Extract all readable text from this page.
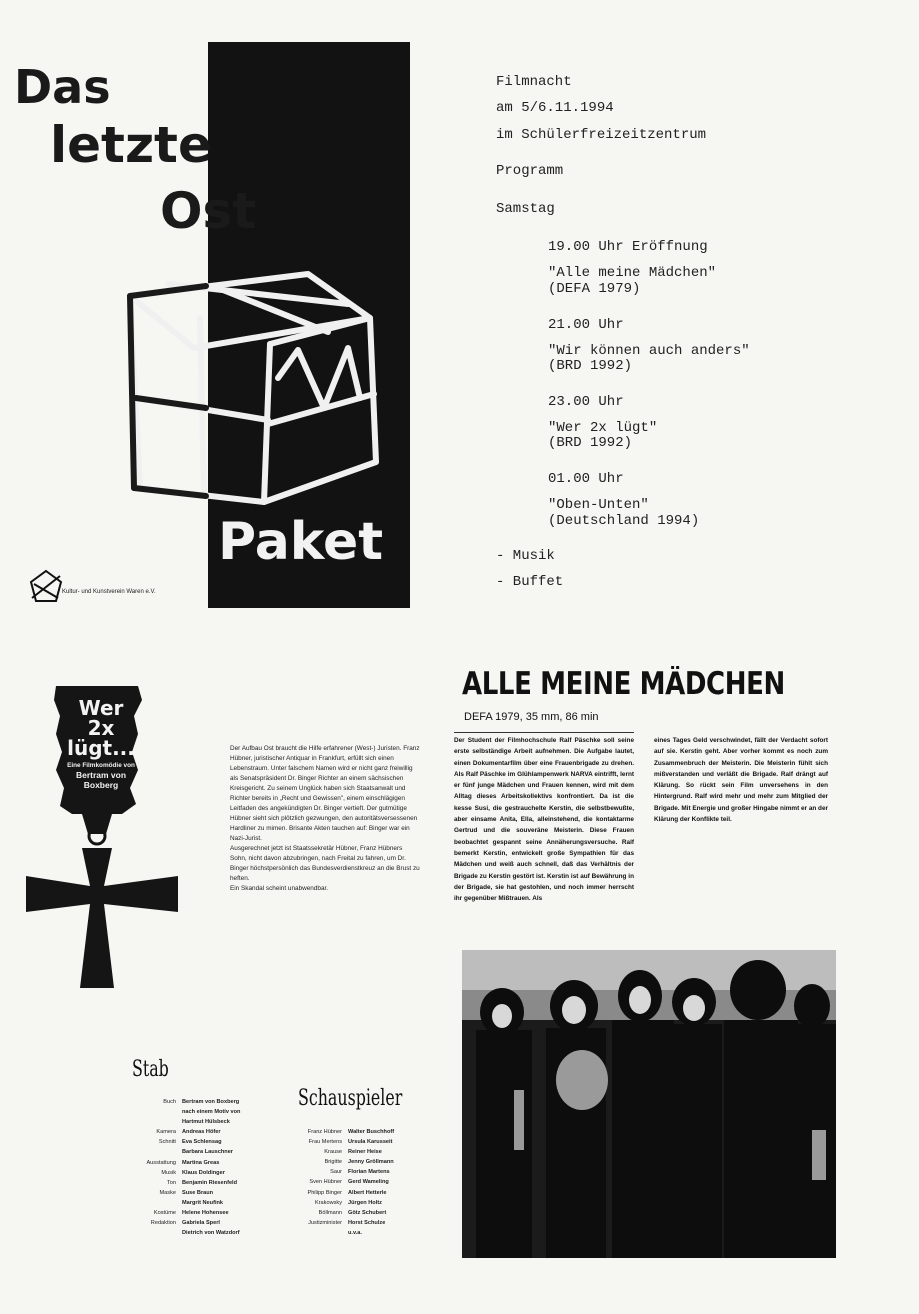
Das
letzte
Ost
Paket
Kultur- und Kunstverein Waren e.V.
Filmnacht
am 5/6.11.1994
im Schülerfreizeitzentrum
Programm
Samstag
19.00 Uhr Eröffnung
"Alle meine Mädchen"
(DEFA 1979)
21.00 Uhr
"Wir können auch anders"
(BRD 1992)
23.00 Uhr
"Wer 2x lügt"
(BRD 1992)
01.00 Uhr
"Oben-Unten"
(Deutschland 1994)
- Musik
- Buffet
Wer
2x
lügt...
Eine Filmkomödie von
Bertram von
Boxberg

Der Aufbau Ost braucht die Hilfe erfahrener (West-) Juristen. Franz Hübner, juristischer Antiquar in Frankfurt, erfüllt sich einen Lebenstraum. Unter falschem Namen wird er nicht ganz freiwillig als Senatspräsident Dr. Binger Richter an einem sächsischen Kreisgericht. Zu seinem Unglück haben sich Staatsanwalt und Richter bereits in „Recht und Gewissen", einem einschlägigen Leitfaden des angekündigten Dr. Binger vertieft. Der gutmütige Hübner sieht sich plötzlich gezwungen, den autoritätsversessenen Hardliner zu mimen. Brisante Akten tauchen auf: Binger war ein Nazi-Jurist.

Ausgerechnet jetzt ist Staatssekretär Hübner, Franz Hübners Sohn, nicht davon abzubringen, nach Freital zu fahren, um Dr. Binger höchstpersönlich das Bundesverdienstkreuz an die Brust zu heften.

Ein Skandal scheint unabwendbar.

ALLE MEINE MÄDCHEN
DEFA 1979, 35 mm, 86 min
Der Student der Filmhochschule Ralf Päschke soll seine erste selbständige Arbeit aufnehmen. Die Aufgabe lautet, einen Dokumentarfilm über eine Frauenbrigade zu drehen. Als Ralf Päschke im Glühlampenwerk NARVA eintrifft, lernt er fünf junge Mädchen und Frauen kennen, wird mit dem Alltag dieses Arbeitskollektivs konfrontiert. Da ist die kesse Susi, die gestrauchelte Kerstin, die selbstbewußte, aber einsame Anita, Ella, alleinstehend, die kontaktarme Gertrud und die souveräne Meisterin. Diese Frauen beobachtet gespannt seine Annäherungsversuche. Ralf bemerkt Kerstin, entwickelt große Sympathien für das Mädchen und weiß auch schnell, daß das Verhältnis der Brigade zu Kerstin gestört ist. Kerstin ist auf Bewährung in der Brigade, sie hat gestohlen, und noch immer herrscht ihr gegenüber Mißtrauen. Als
eines Tages Geld verschwindet, fällt der Verdacht sofort auf sie. Kerstin geht. Aber vorher kommt es noch zum Zusammenbruch der Meisterin. Die Meisterin fühlt sich mißverstanden und verläßt die Brigade. Ralf drängt auf Klärung. So rückt sein Film unversehens in den Hintergrund. Ralf wird mehr und mehr zum Mitglied der Brigade. Mit Energie und großer Hingabe nimmt er an der Klärung der Konflikte teil.
Stab
Buch	Bertram von Boxberg
nach einem Motiv von
Hartmut Hülsbeck
Kamera	Andreas Höfer
Schnitt	Eva Schlensag
Barbara Lauschner
Ausstattung	Martina Greas
Musik	Klaus Doldinger
Ton	Benjamin Riesenfeld
Maske	Suse Braun
Margrit Neufink
Kostüme	Helene Hohensee
Redaktion	Gabriela Sperl
Dietrich von Watzdorf
Schauspieler
Franz Hübner	Walter Buschhoff
Frau Mertens	Ursula Karusseit
Krause	Reiner Heise
Brigitte	Jenny Gröllmann
Saur	Florian Martens
Sven Hübner	Gerd Wameling
Philipp Binger	Albert Hetterle
Krakowsky	Jürgen Holtz
Böllmann	Götz Schubert
Justizminister	Horst Schulze
u.v.a.
